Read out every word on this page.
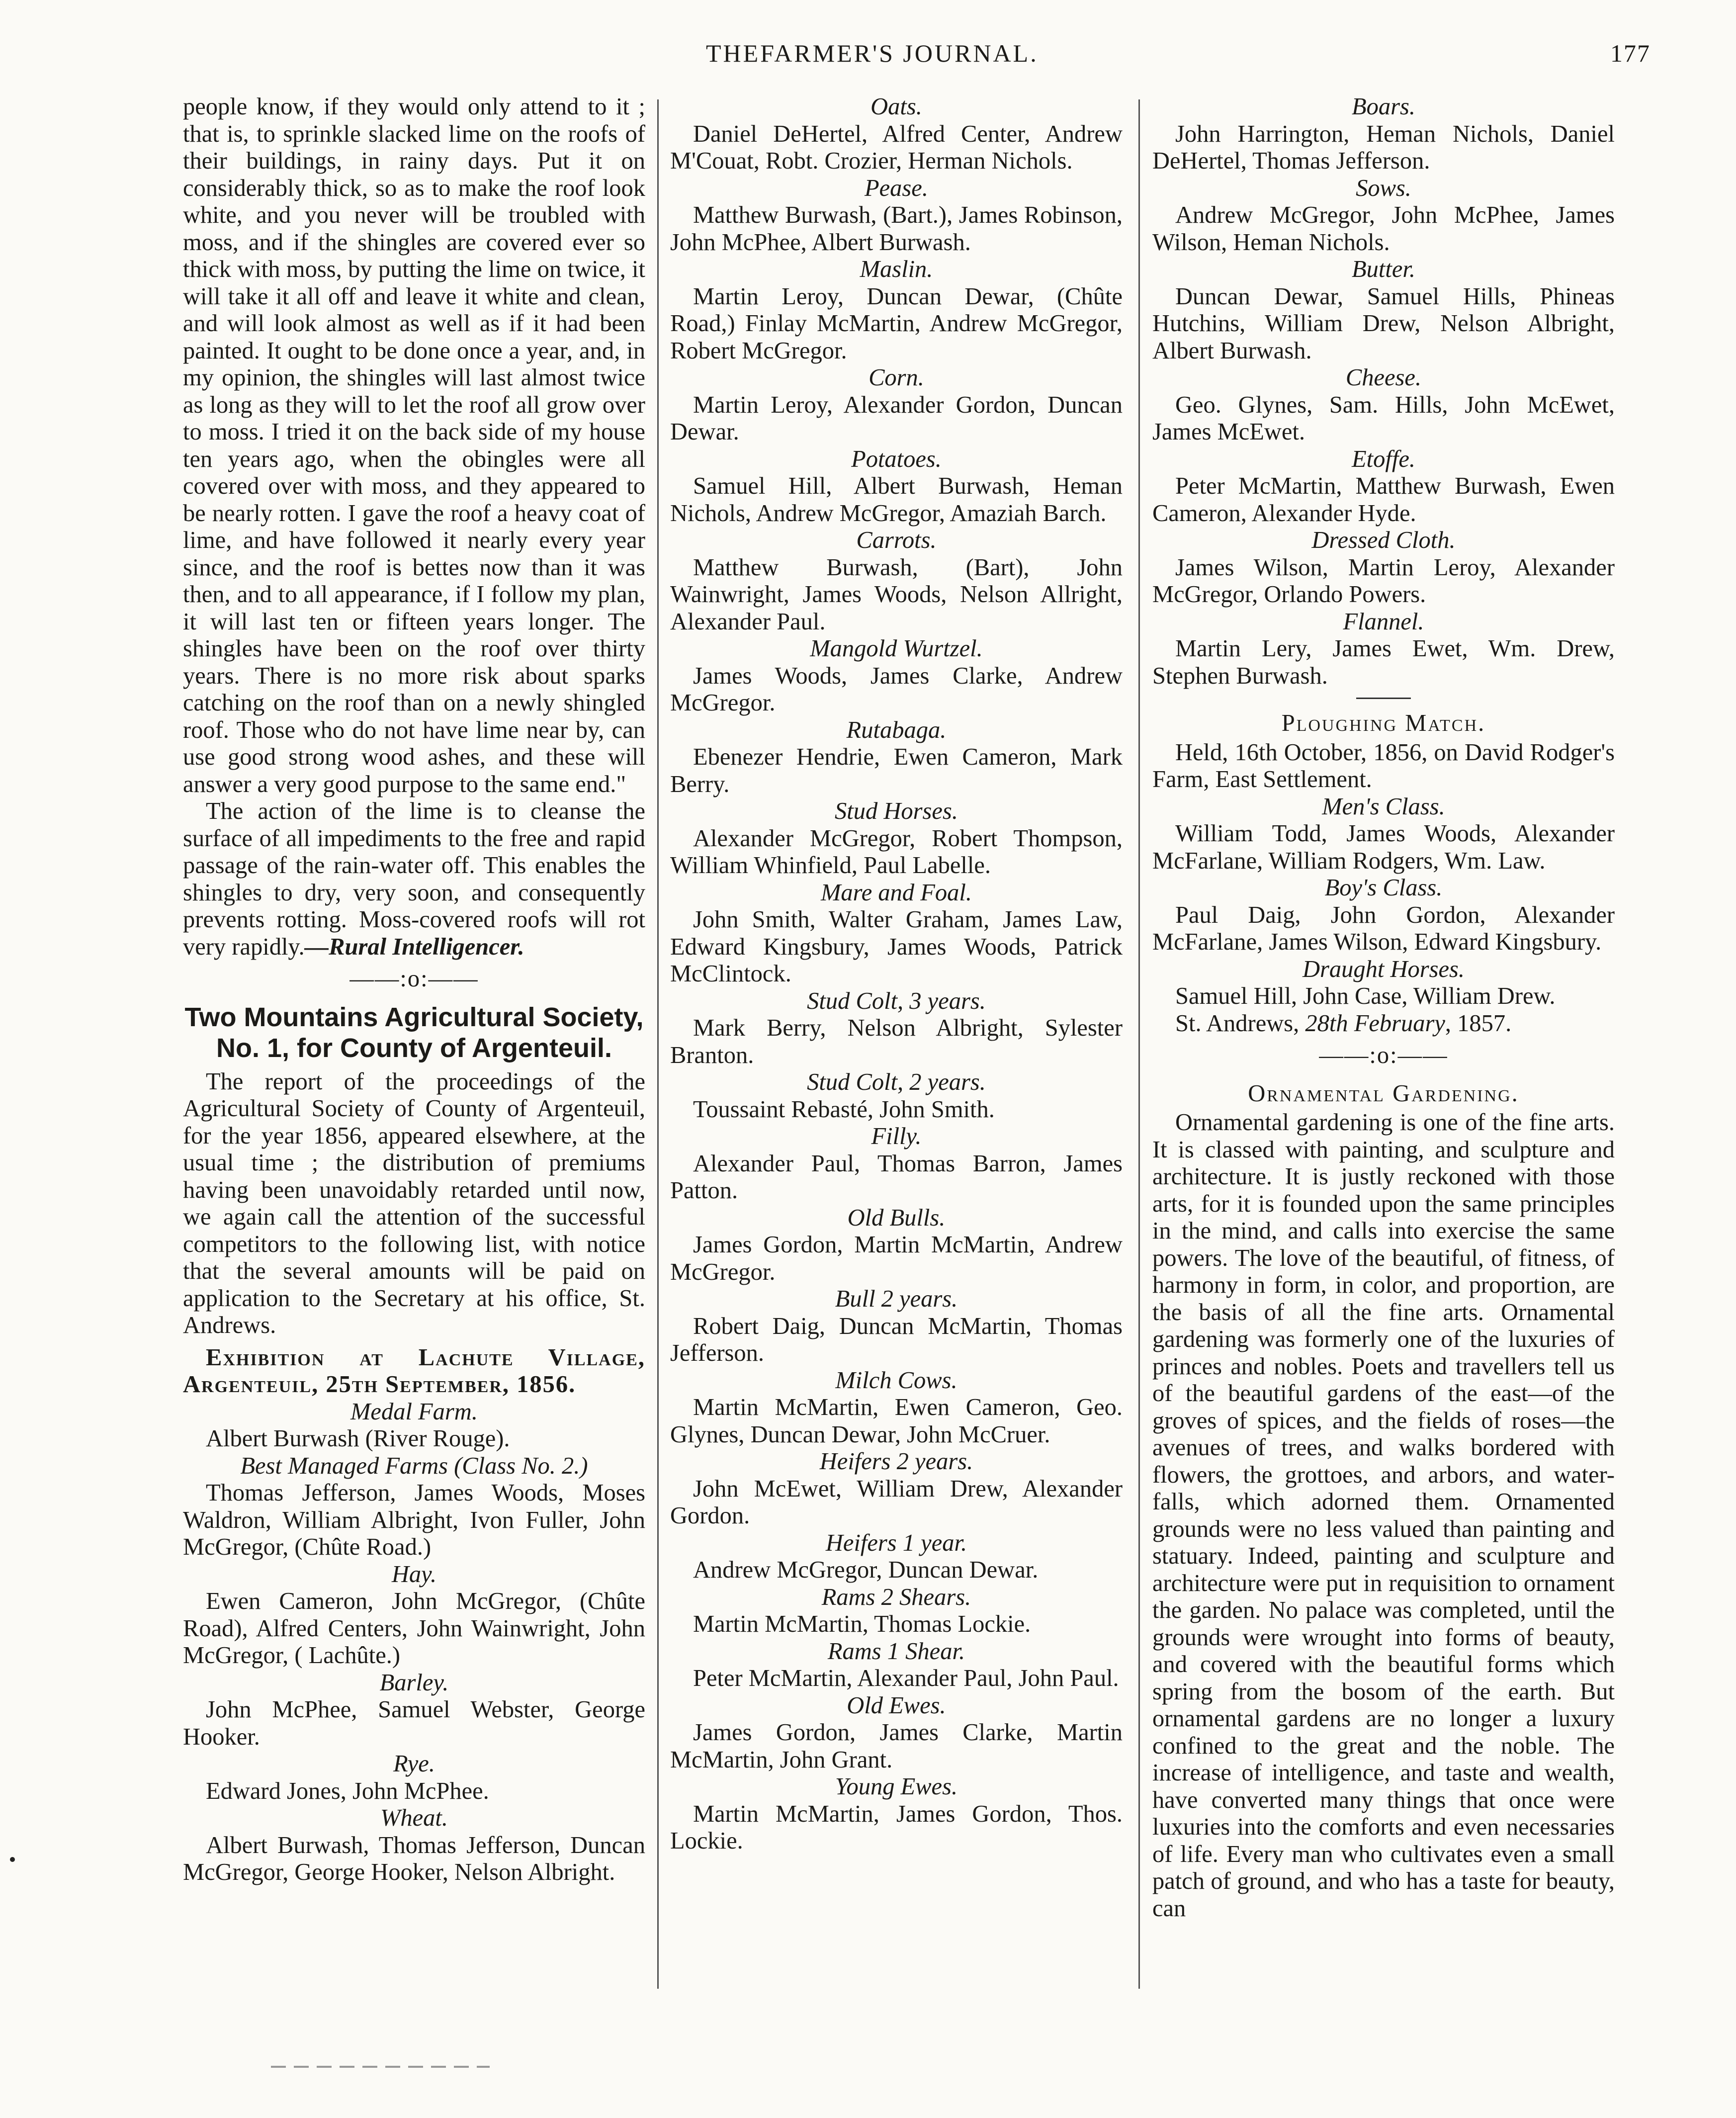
THEFARMER'S JOURNAL.	177

people know, if they would only attend to it ; that is, to sprinkle slacked lime on the roofs of their buildings, in rainy days. Put it on considerably thick, so as to make the roof look white, and you never will be troubled with moss, and if the shingles are covered ever so thick with moss, by putting the lime on twice, it will take it all off and leave it white and clean, and will look almost as well as if it had been painted. It ought to be done once a year, and, in my opinion, the shingles will last almost twice as long as they will to let the roof all grow over to moss. I tried it on the back side of my house ten years ago, when the obingles were all covered over with moss, and they appeared to be nearly rotten. I gave the roof a heavy coat of lime, and have followed it nearly every year since, and the roof is bettes now than it was then, and to all appearance, if I follow my plan, it will last ten or fifteen years longer. The shingles have been on the roof over thirty years. There is no more risk about sparks catching on the roof than on a newly shingled roof. Those who do not have lime near by, can use good strong wood ashes, and these will answer a very good purpose to the same end."

The action of the lime is to cleanse the surface of all impediments to the free and rapid passage of the rain-water off. This enables the shingles to dry, very soon, and consequently prevents rotting. Moss-covered roofs will rot very rapidly.—Rural Intelligencer.

——:o:——
Two Mountains Agricultural Society, No. 1, for County of Argenteuil.

The report of the proceedings of the Agricultural Society of County of Argenteuil, for the year 1856, appeared elsewhere, at the usual time ; the distribution of premiums having been unavoidably retarded until now, we again call the attention of the successful competitors to the following list, with notice that the several amounts will be paid on application to the Secretary at his office, St. Andrews.

Exhibition at Lachute Village, Argenteuil, 25th September, 1856.

Medal Farm.

Albert Burwash (River Rouge).

Best Managed Farms (Class No. 2.)

Thomas Jefferson, James Woods, Moses Waldron, William Albright, Ivon Fuller, John McGregor, (Chûte Road.)

Hay.

Ewen Cameron, John McGregor, (Chûte Road), Alfred Centers, John Wainwright, John McGregor, ( Lachûte.)

Barley.

John McPhee, Samuel Webster, George Hooker.

Rye.

Edward Jones, John McPhee.

Wheat.

Albert Burwash, Thomas Jefferson, Duncan McGregor, George Hooker, Nelson Albright.

Oats.

Daniel DeHertel, Alfred Center, Andrew M'Couat, Robt. Crozier, Herman Nichols.

Pease.

Matthew Burwash, (Bart.), James Robinson, John McPhee, Albert Burwash.

Maslin.

Martin Leroy, Duncan Dewar, (Chûte Road,) Finlay McMartin, Andrew McGregor, Robert McGregor.

Corn.

Martin Leroy, Alexander Gordon, Duncan Dewar.

Potatoes.

Samuel Hill, Albert Burwash, Heman Nichols, Andrew McGregor, Amaziah Barch.

Carrots.

Matthew Burwash, (Bart), John Wainwright, James Woods, Nelson Allright, Alexander Paul.

Mangold Wurtzel.

James Woods, James Clarke, Andrew McGregor.

Rutabaga.

Ebenezer Hendrie, Ewen Cameron, Mark Berry.

Stud Horses.

Alexander McGregor, Robert Thompson, William Whinfield, Paul Labelle.

Mare and Foal.

John Smith, Walter Graham, James Law, Edward Kingsbury, James Woods, Patrick McClintock.

Stud Colt, 3 years.

Mark Berry, Nelson Albright, Sylester Branton.

Stud Colt, 2 years.

Toussaint Rebasté, John Smith.

Filly.

Alexander Paul, Thomas Barron, James Patton.

Old Bulls.

James Gordon, Martin McMartin, Andrew McGregor.

Bull 2 years.

Robert Daig, Duncan McMartin, Thomas Jefferson.

Milch Cows.

Martin McMartin, Ewen Cameron, Geo. Glynes, Duncan Dewar, John McCruer.

Heifers 2 years.

John McEwet, William Drew, Alexander Gordon.

Heifers 1 year.

Andrew McGregor, Duncan Dewar.

Rams 2 Shears.

Martin McMartin, Thomas Lockie.

Rams 1 Shear.

Peter McMartin, Alexander Paul, John Paul.

Old Ewes.

James Gordon, James Clarke, Martin McMartin, John Grant.

Young Ewes.

Martin McMartin, James Gordon, Thos. Lockie.

Boars.

John Harrington, Heman Nichols, Daniel DeHertel, Thomas Jefferson.

Sows.

Andrew McGregor, John McPhee, James Wilson, Heman Nichols.

Butter.

Duncan Dewar, Samuel Hills, Phineas Hutchins, William Drew, Nelson Albright, Albert Burwash.

Cheese.

Geo. Glynes, Sam. Hills, John McEwet, James McEwet.

Etoffe.

Peter McMartin, Matthew Burwash, Ewen Cameron, Alexander Hyde.

Dressed Cloth.

James Wilson, Martin Leroy, Alexander McGregor, Orlando Powers.

Flannel.

Martin Lery, James Ewet, Wm. Drew, Stephen Burwash.

Ploughing Match.

Held, 16th October, 1856, on David Rodger's Farm, East Settlement.

Men's Class.

William Todd, James Woods, Alexander McFarlane, William Rodgers, Wm. Law.

Boy's Class.

Paul Daig, John Gordon, Alexander McFarlane, James Wilson, Edward Kingsbury.

Draught Horses.

Samuel Hill, John Case, William Drew.

St. Andrews, 28th February, 1857.

——:o:——
Ornamental Gardening.

Ornamental gardening is one of the fine arts. It is classed with painting, and sculpture and architecture. It is justly reckoned with those arts, for it is founded upon the same principles in the mind, and calls into exercise the same powers. The love of the beautiful, of fitness, of harmony in form, in color, and proportion, are the basis of all the fine arts. Ornamental gardening was formerly one of the luxuries of princes and nobles. Poets and travellers tell us of the beautiful gardens of the east—of the groves of spices, and the fields of roses—the avenues of trees, and walks bordered with flowers, the grottoes, and arbors, and water-falls, which adorned them. Ornamented grounds were no less valued than painting and statuary. Indeed, painting and sculpture and architecture were put in requisition to ornament the garden. No palace was completed, until the grounds were wrought into forms of beauty, and covered with the beautiful forms which spring from the bosom of the earth. But ornamental gardens are no longer a luxury confined to the great and the noble. The increase of intelligence, and taste and wealth, have converted many things that once were luxuries into the comforts and even necessaries of life. Every man who cultivates even a small patch of ground, and who has a taste for beauty, can
